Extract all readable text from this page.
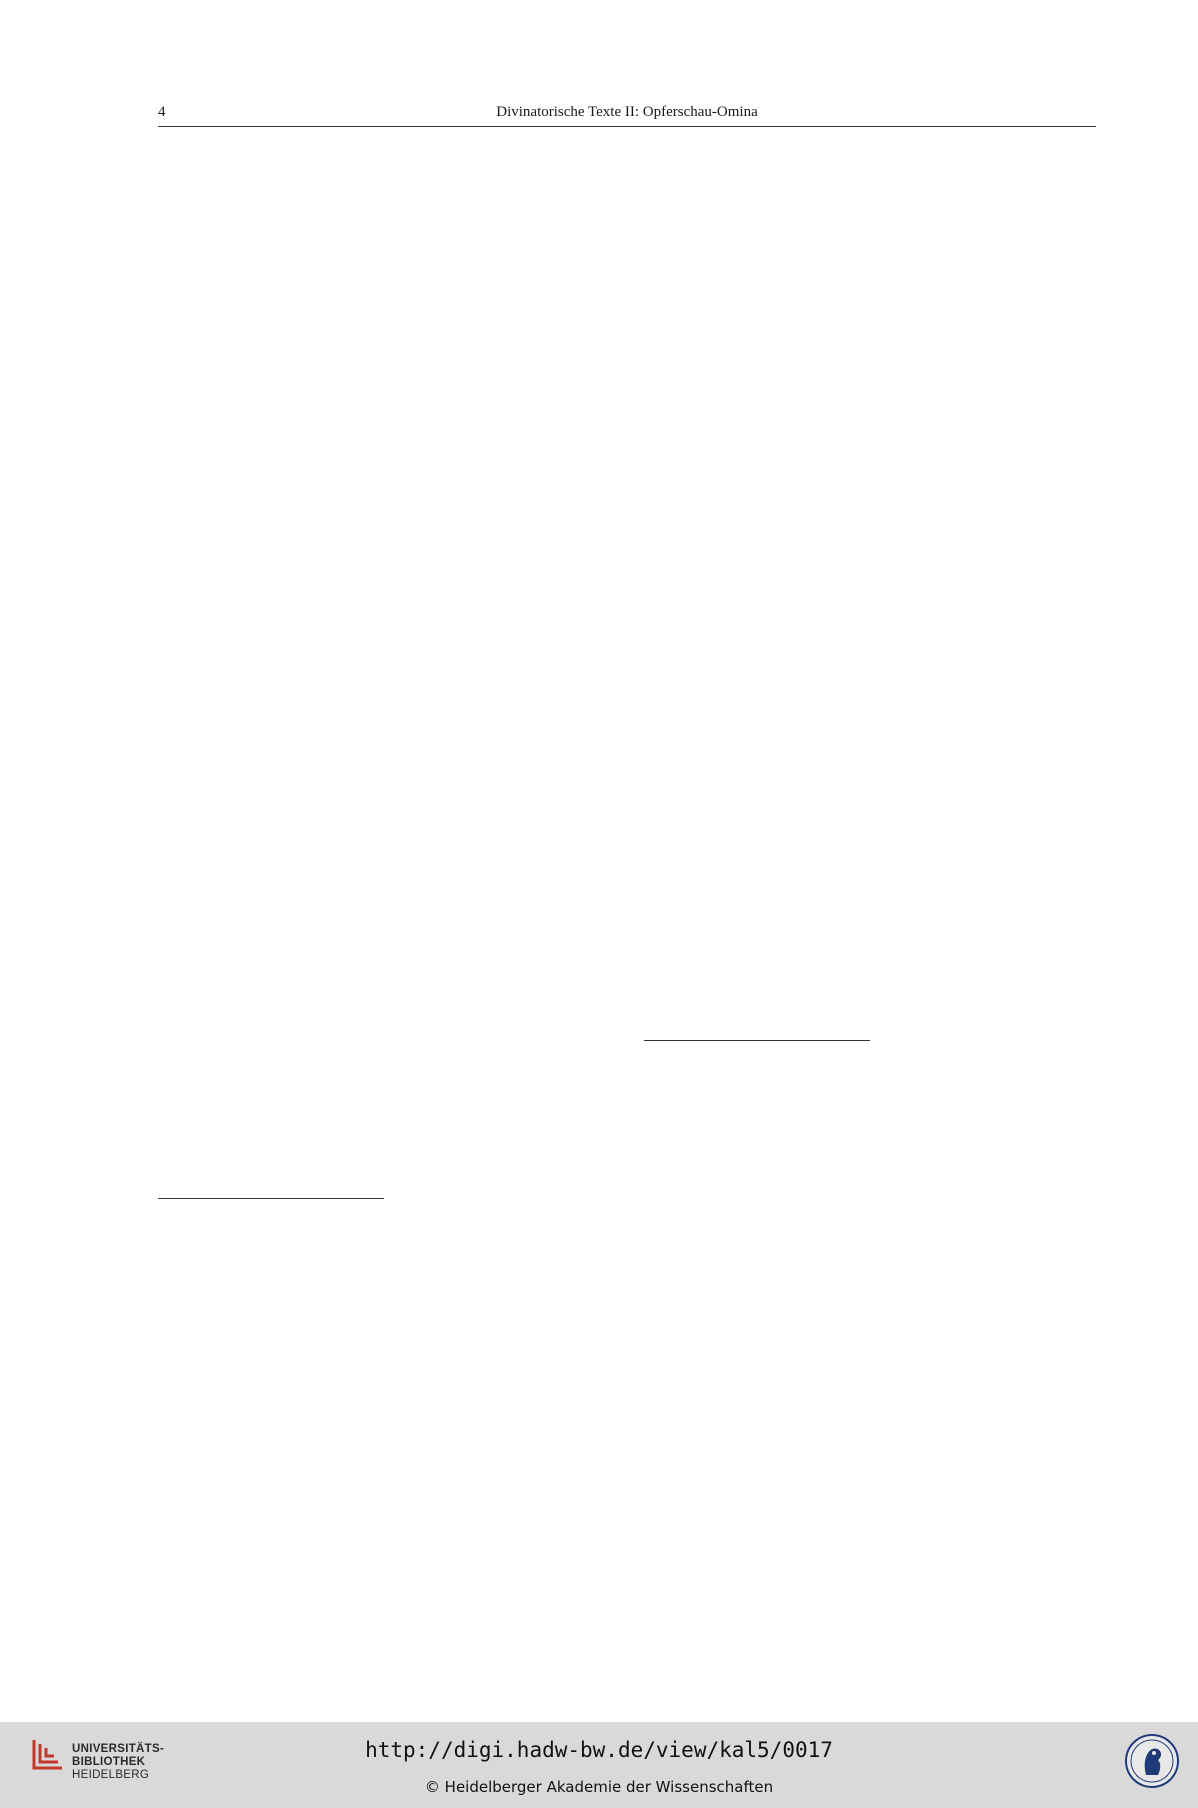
4	Divinatorische Texte II: Opferschau-Omina
UNIVERSITÄTS-
BIBLIOTHEK
HEIDELBERG
http://digi.hadw-bw.de/view/kal5/0017
© Heidelberger Akademie der Wissenschaften
